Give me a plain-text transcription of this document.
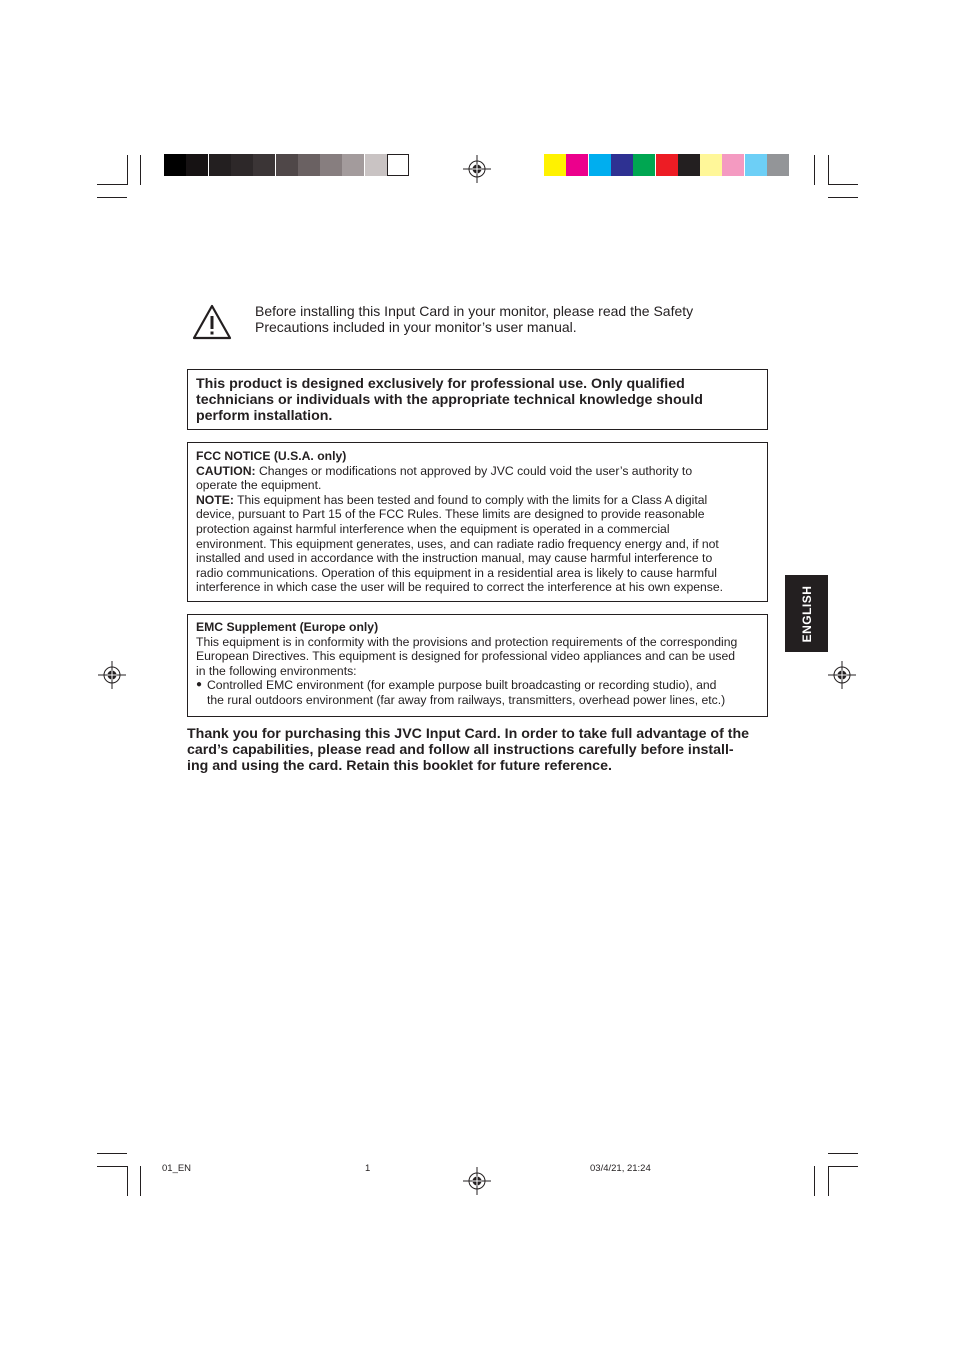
Before installing this Input Card in your monitor, please read the Safety
Precautions included in your monitor’s user manual.

This product is designed exclusively for professional use. Only qualified

technicians or individuals with the appropriate technical knowledge should

perform installation.

FCC NOTICE (U.S.A. only)

CAUTION: Changes or modifications not approved by JVC could void the user’s authority to

operate the equipment.

NOTE: This equipment has been tested and found to comply with the limits for a Class A digital

device, pursuant to Part 15 of the FCC Rules. These limits are designed to provide reasonable

protection against harmful interference when the equipment is operated in a commercial

environment. This equipment generates, uses, and can radiate radio frequency energy and, if not

installed and used in accordance with the instruction manual, may cause harmful interference to

radio communications. Operation of this equipment in a residential area is likely to cause harmful

interference in which case the user will be required to correct the interference at his own expense.

EMC Supplement (Europe only)

This equipment is in conformity with the provisions and protection requirements of the corresponding

European Directives. This equipment is designed for professional video appliances and can be used

in the following environments:

● Controlled EMC environment (for example purpose built broadcasting or recording studio), and

the rural outdoors environment (far away from railways, transmitters, overhead power lines, etc.)

Thank you for purchasing this JVC Input Card. In order to take full advantage of the
card’s capabilities, please read and follow all instructions carefully before install-
ing and using the card. Retain this booklet for future reference.
ENGLISH
01_EN	1	03/4/21, 21:24
